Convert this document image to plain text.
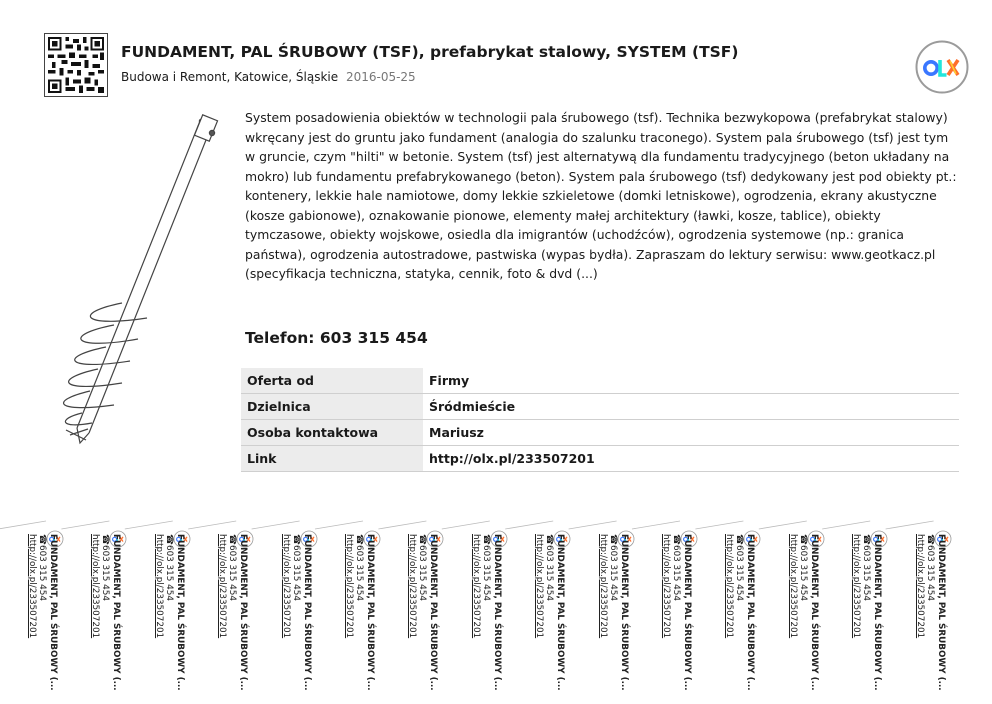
FUNDAMENT, PAL ŚRUBOWY (TSF), prefabrykat stalowy, SYSTEM (TSF)
Budowa i Remont, Katowice, Śląskie 2016-05-25

System posadowienia obiektów w technologii pala śrubowego (tsf). Technika bezwykopowa (prefabrykat stalowy) wkręcany jest do gruntu jako fundament (analogia do szalunku traconego). System pala śrubowego (tsf) jest tym w gruncie, czym "hilti" w betonie. System (tsf) jest alternatywą dla fundamentu tradycyjnego (beton układany na mokro) lub fundamentu prefabrykowanego (beton). System pala śrubowego (tsf) dedykowany jest pod obiekty pt.: kontenery, lekkie hale namiotowe, domy lekkie szkieletowe (domki letniskowe), ogrodzenia, ekrany akustyczne (kosze gabionowe), oznakowanie pionowe, elementy małej architektury (ławki, kosze, tablice), obiekty tymczasowe, obiekty wojskowe, osiedla dla imigrantów (uchodźców), ogrodzenia systemowe (np.: granica państwa), ogrodzenia autostradowe, pastwiska (wypas bydła). Zapraszam do lektury serwisu: www.geotkacz.pl (specyfikacja techniczna, statyka, cennik, foto & dvd (...)

Telefon: 603 315 454

Oferta od	Firmy
Dzielnica	Śródmieście
Osoba kontaktowa	Mariusz
Link	http://olx.pl/233507201
FUNDAMENT, PAL ŚRUBOWY (...
☎603 315 454
http://olx.pl/233507201	FUNDAMENT, PAL ŚRUBOWY (...
☎603 315 454
http://olx.pl/233507201	FUNDAMENT, PAL ŚRUBOWY (...
☎603 315 454
http://olx.pl/233507201	FUNDAMENT, PAL ŚRUBOWY (...
☎603 315 454
http://olx.pl/233507201	FUNDAMENT, PAL ŚRUBOWY (...
☎603 315 454
http://olx.pl/233507201	FUNDAMENT, PAL ŚRUBOWY (...
☎603 315 454
http://olx.pl/233507201	FUNDAMENT, PAL ŚRUBOWY (...
☎603 315 454
http://olx.pl/233507201	FUNDAMENT, PAL ŚRUBOWY (...
☎603 315 454
http://olx.pl/233507201	FUNDAMENT, PAL ŚRUBOWY (...
☎603 315 454
http://olx.pl/233507201	FUNDAMENT, PAL ŚRUBOWY (...
☎603 315 454
http://olx.pl/233507201	FUNDAMENT, PAL ŚRUBOWY (...
☎603 315 454
http://olx.pl/233507201	FUNDAMENT, PAL ŚRUBOWY (...
☎603 315 454
http://olx.pl/233507201	FUNDAMENT, PAL ŚRUBOWY (...
☎603 315 454
http://olx.pl/233507201	FUNDAMENT, PAL ŚRUBOWY (...
☎603 315 454
http://olx.pl/233507201	FUNDAMENT, PAL ŚRUBOWY (...
☎603 315 454
http://olx.pl/233507201
